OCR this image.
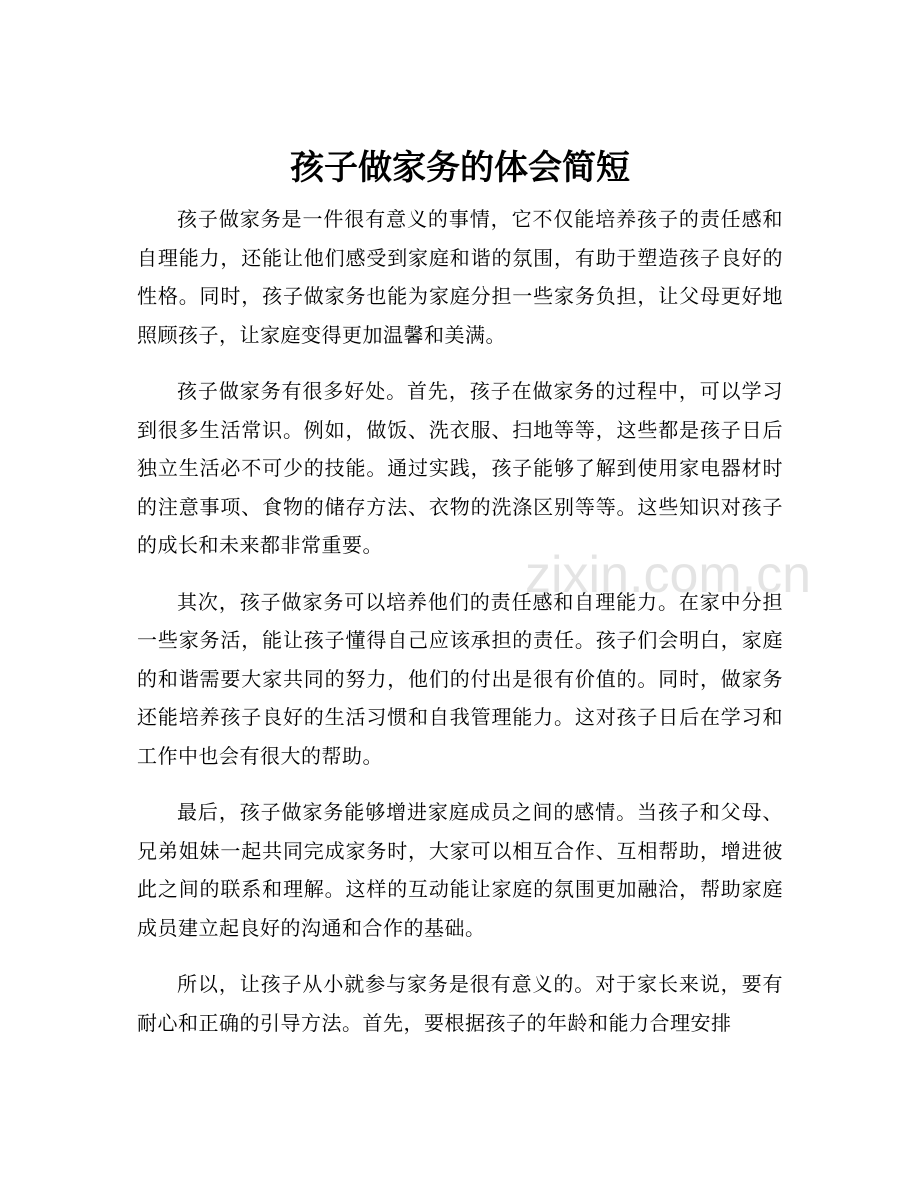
孩子做家务的体会简短

孩子做家务是一件很有意义的事情，它不仅能培养孩子的责任感和自理能力，还能让他们感受到家庭和谐的氛围，有助于塑造孩子良好的性格。同时，孩子做家务也能为家庭分担一些家务负担，让父母更好地照顾孩子，让家庭变得更加温馨和美满。

孩子做家务有很多好处。首先，孩子在做家务的过程中，可以学习到很多生活常识。例如，做饭、洗衣服、扫地等等，这些都是孩子日后独立生活必不可少的技能。通过实践，孩子能够了解到使用家电器材时的注意事项、食物的储存方法、衣物的洗涤区别等等。这些知识对孩子的成长和未来都非常重要。

其次，孩子做家务可以培养他们的责任感和自理能力。在家中分担一些家务活，能让孩子懂得自己应该承担的责任。孩子们会明白，家庭的和谐需要大家共同的努力，他们的付出是很有价值的。同时，做家务还能培养孩子良好的生活习惯和自我管理能力。这对孩子日后在学习和工作中也会有很大的帮助。

最后，孩子做家务能够增进家庭成员之间的感情。当孩子和父母、兄弟姐妹一起共同完成家务时，大家可以相互合作、互相帮助，增进彼此之间的联系和理解。这样的互动能让家庭的氛围更加融洽，帮助家庭成员建立起良好的沟通和合作的基础。

所以，让孩子从小就参与家务是很有意义的。对于家长来说，要有耐心和正确的引导方法。首先，要根据孩子的年龄和能力合理安排

zixin.com.cn
